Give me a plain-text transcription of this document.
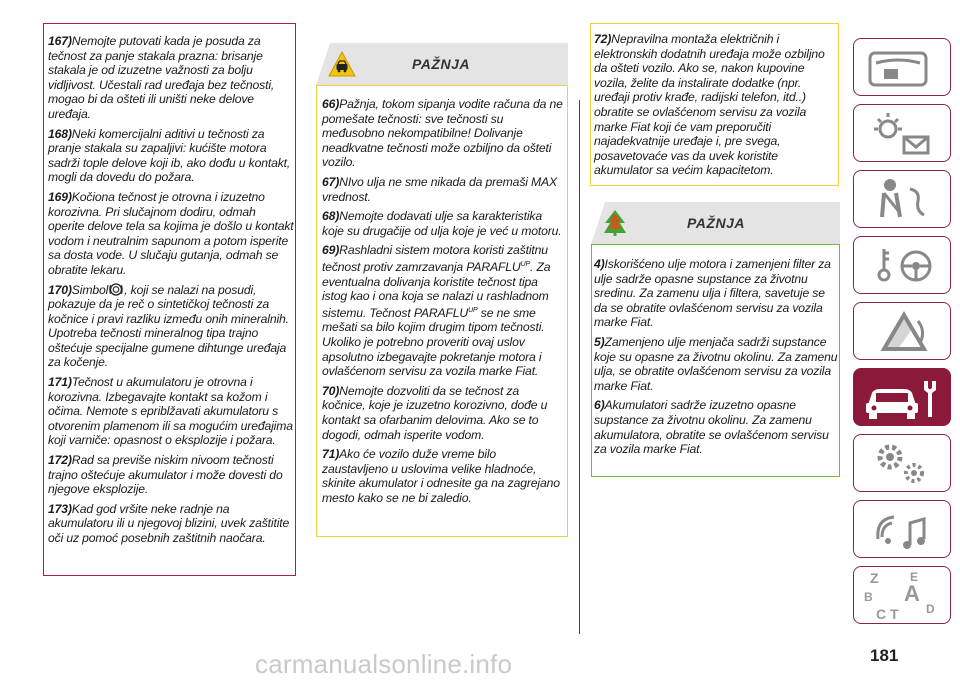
167)Nemojte putovati kada je posuda za tečnost za panje stakala prazna: brisanje stakala je od izuzetne važnosti za bolju vidljivost. Učestali rad uređaja bez tečnosti, mogao bi da ošteti ili uništi neke delove uređaja.

168)Neki komercijalni aditivi u tečnosti za pranje stakala su zapaljivi: kućište motora sadrži tople delove koji ib, ako dođu u kontakt, mogli da dovedu do požara.

169)Kočiona tečnost je otrovna i izuzetno korozivna. Pri slučajnom dodiru, odmah operite delove tela sa kojima je došlo u kontakt vodom i neutralnim sapunom a potom isperite sa dosta vode. U slučaju gutanja, odmah se obratite lekaru.

170)Simbol , koji se nalazi na posudi, pokazuje da je reč o sintetičkoj tečnosti za kočnice i pravi razliku između onih mineralnih. Upotreba tečnosti mineralnog tipa trajno oštećuje specijalne gumene dihtunge uređaja za kočenje.

171)Tečnost u akumulatoru je otrovna i korozivna. Izbegavajte kontakt sa kožom i očima. Nemote s epriblžavati akumulatoru s otvorenim plamenom ili sa mogućim uređajima koji varniče: opasnost o eksplozije i požara.

172)Rad sa previše niskim nivoom tečnosti trajno oštećuje akumulator i može dovesti do njegove eksplozije.

173)Kad god vršite neke radnje na akumulatoru ili u njegovoj blizini, uvek zaštitite oči uz pomoć posebnih zaštitnih naočara.

PAŽNJA

66)Pažnja, tokom sipanja vodite računa da ne pomešate tečnosti: sve tečnosti su međusobno nekompatibilne! Dolivanje neadkvatne tečnosti može ozbiljno da ošteti vozilo.

67)NIvo ulja ne sme nikada da premaši MAX vrednost.

68)Nemojte dodavati ulje sa karakteristika koje su drugačije od ulja koje je već u motoru.

69)Rashladni sistem motora koristi zaštitnu tečnost protiv zamrzavanja $PARAFLU^{UP}$. Za eventualna dolivanja koristite tečnost tipa istog kao i ona koja se nalazi u rashladnom sistemu. Tečnost $PARAFLU^{UP}$ se ne sme mešati sa bilo kojim drugim tipom tečnosti. Ukoliko je potrebno proveriti ovaj uslov apsolutno izbegavajte pokretanje motora i ovlašćenom servisu za vozila marke Fiat.

70)Nemojte dozvoliti da se tečnost za kočnice, koje je izuzetno korozivno, dođe u kontakt sa ofarbanim delovima. Ako se to dogodi, odmah isperite vodom.

71)Ako će vozilo duže vreme bilo zaustavljeno u uslovima velike hladnoće, skinite akumulator i odnesite ga na zagrejano mesto kako se ne bi zaledio.

72)Nepravilna montaža električnih i elektronskih dodatnih uređaja može ozbiljno da ošteti vozilo. Ako se, nakon kupovine vozila, želite da instalirate dodatke (npr. uređaji protiv krađe, radijski telefon, itd..) obratite se ovlašćenom servisu za vozila marke Fiat koji će vam preporučiti najadekvatnije uređaje i, pre svega, posavetovaće vas da uvek koristite akumulator sa većim kapacitetom.

PAŽNJA

4)Iskorišćeno ulje motora i zamenjeni filter za ulje sadrže opasne supstance za životnu sredinu. Za zamenu ulja i filtera, savetuje se da se obratite ovlašćenom servisu za vozila marke Fiat.

5)Zamenjeno ulje menjača sadrži supstance koje su opasne za životnu okolinu. Za zamenu ulja, se obratite ovlašćenom servisu za vozila marke Fiat.

6)Akumulatori sadrže izuzetno opasne supstance za životnu okolinu. Za zamenu akumulatora, obratite se ovlašćenom servisu za vozila marke Fiat.

Z	E
B A
C T D
181
carmanualsonline.info
